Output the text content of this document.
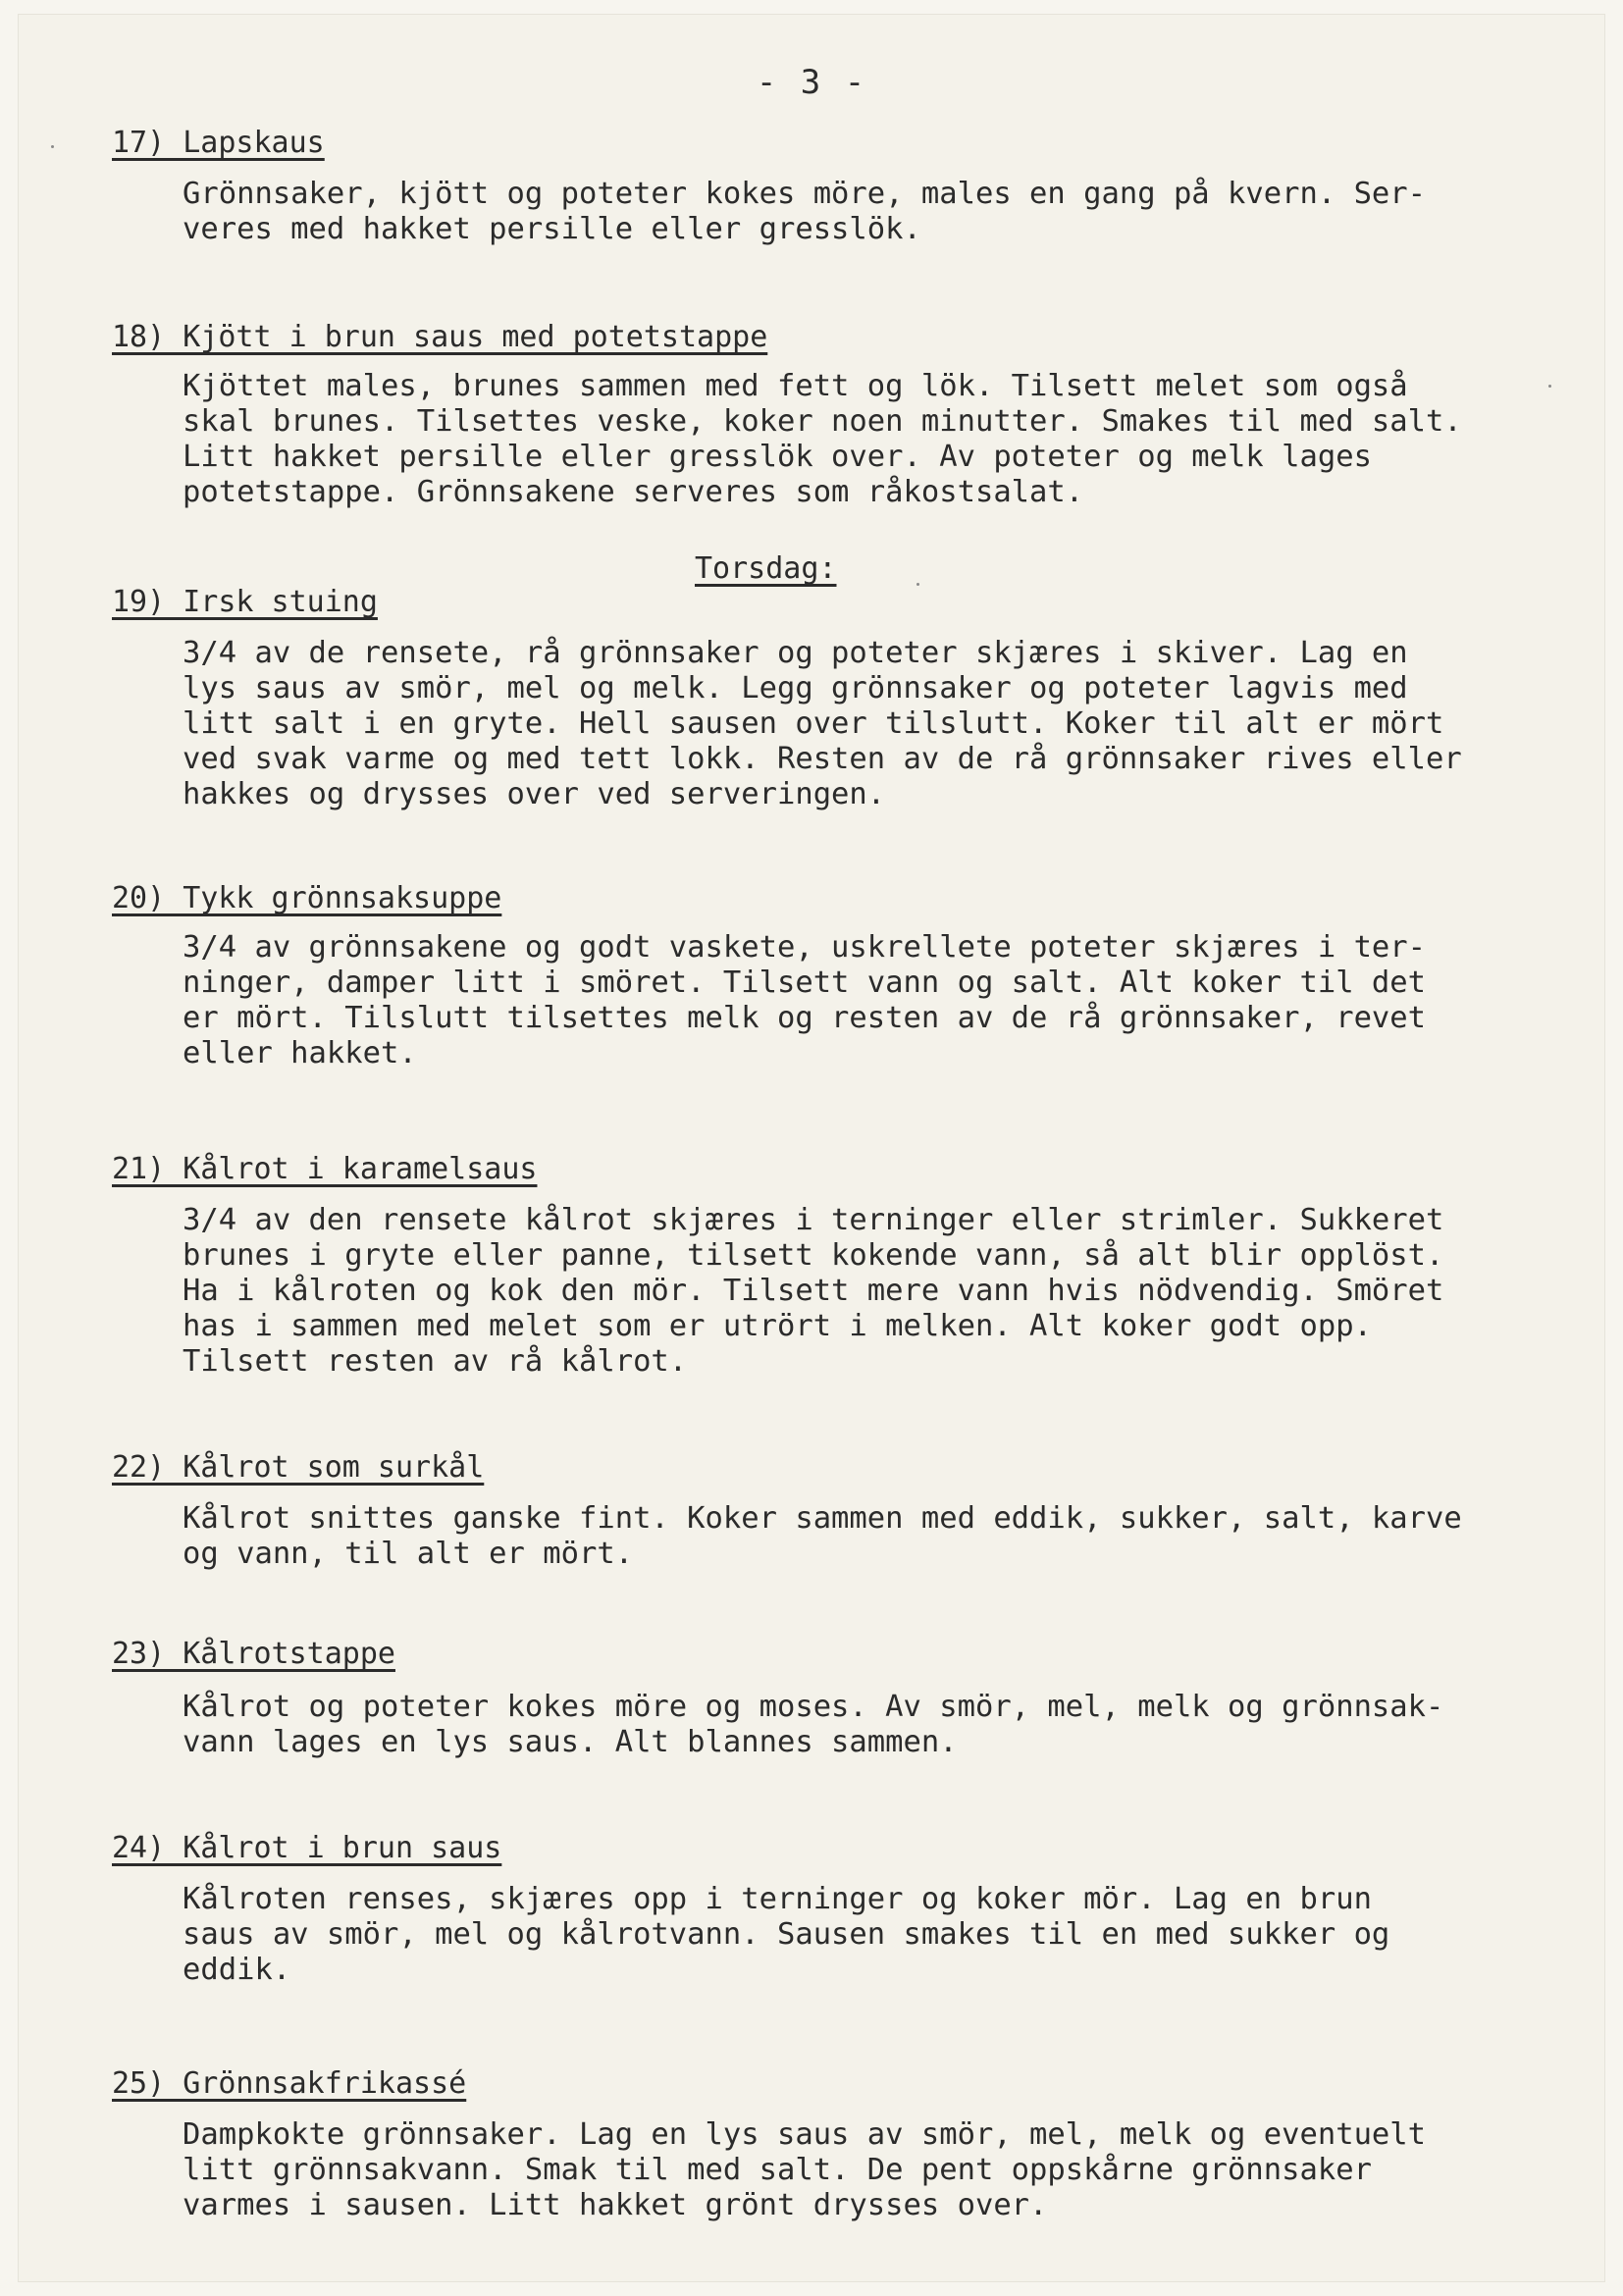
- 3 -
17) Lapskaus
Grönnsaker, kjött og poteter kokes möre, males en gang på kvern. Ser-
veres med hakket persille eller gresslök.
18) Kjött i brun saus med potetstappe
Kjöttet males, brunes sammen med fett og lök. Tilsett melet som også
skal brunes. Tilsettes veske, koker noen minutter. Smakes til med salt.
Litt hakket persille eller gresslök over. Av poteter og melk lages
potetstappe. Grönnsakene serveres som råkostsalat.
Torsdag:
19) Irsk stuing
3/4 av de rensete, rå grönnsaker og poteter skjæres i skiver. Lag en
lys saus av smör, mel og melk. Legg grönnsaker og poteter lagvis med
litt salt i en gryte. Hell sausen over tilslutt. Koker til alt er mört
ved svak varme og med tett lokk. Resten av de rå grönnsaker rives eller
hakkes og drysses over ved serveringen.
20) Tykk grönnsaksuppe
3/4 av grönnsakene og godt vaskete, uskrellete poteter skjæres i ter-
ninger, damper litt i smöret. Tilsett vann og salt. Alt koker til det
er mört. Tilslutt tilsettes melk og resten av de rå grönnsaker, revet
eller hakket.
21) Kålrot i karamelsaus
3/4 av den rensete kålrot skjæres i terninger eller strimler. Sukkeret
brunes i gryte eller panne, tilsett kokende vann, så alt blir opplöst.
Ha i kålroten og kok den mör. Tilsett mere vann hvis nödvendig. Smöret
has i sammen med melet som er utrört i melken. Alt koker godt opp.
Tilsett resten av rå kålrot.
22) Kålrot som surkål
Kålrot snittes ganske fint. Koker sammen med eddik, sukker, salt, karve
og vann, til alt er mört.
23) Kålrotstappe
Kålrot og poteter kokes möre og moses. Av smör, mel, melk og grönnsak-
vann lages en lys saus. Alt blannes sammen.
24) Kålrot i brun saus
Kålroten renses, skjæres opp i terninger og koker mör. Lag en brun
saus av smör, mel og kålrotvann. Sausen smakes til en med sukker og
eddik.
25) Grönnsakfrikassé
Dampkokte grönnsaker. Lag en lys saus av smör, mel, melk og eventuelt
litt grönnsakvann. Smak til med salt. De pent oppskårne grönnsaker
varmes i sausen. Litt hakket grönt drysses over.
